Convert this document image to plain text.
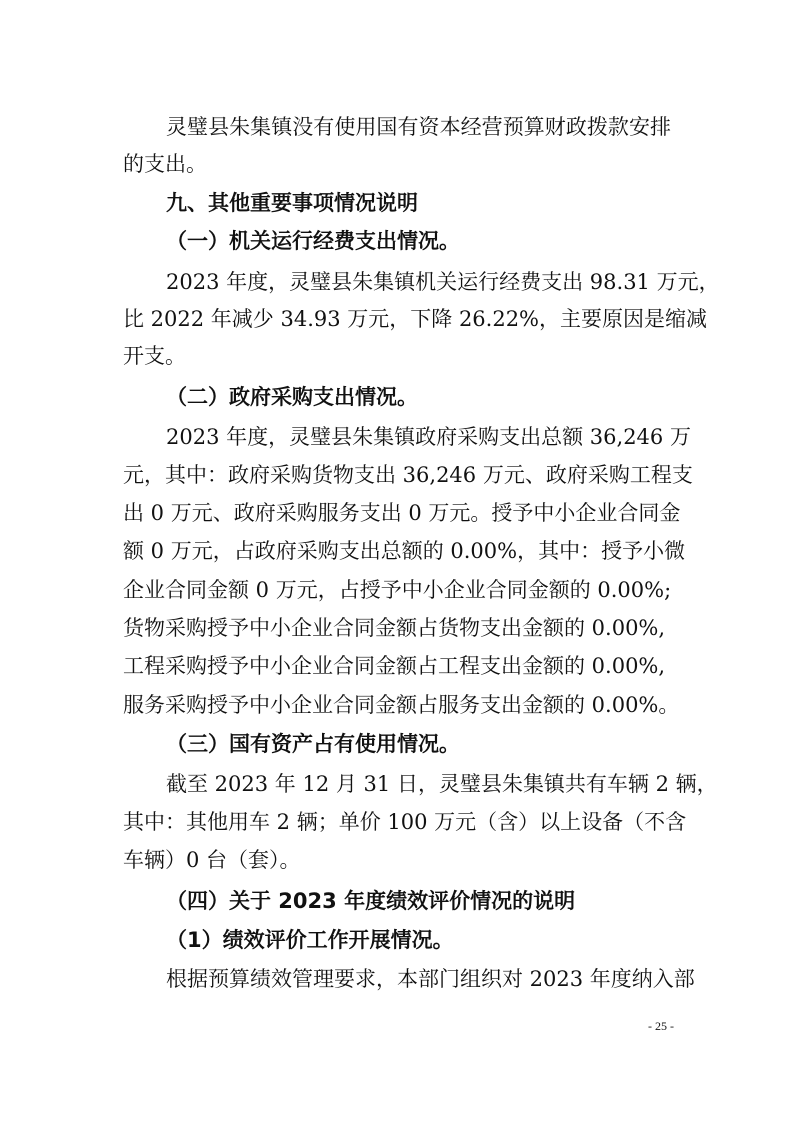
灵璧县朱集镇没有使用国有资本经营预算财政拨款安排
的支出。
九、其他重要事项情况说明
（一）机关运行经费支出情况。
2023 年度，灵璧县朱集镇机关运行经费支出 98.31 万元，
比 2022 年减少 34.93 万元，下降 26.22%，主要原因是缩减
开支。
（二）政府采购支出情况。
2023 年度，灵璧县朱集镇政府采购支出总额 36,246 万
元，其中：政府采购货物支出 36,246 万元、政府采购工程支
出 0 万元、政府采购服务支出 0 万元。授予中小企业合同金
额 0 万元，占政府采购支出总额的 0.00%，其中：授予小微
企业合同金额 0 万元，占授予中小企业合同金额的 0.00%;
货物采购授予中小企业合同金额占货物支出金额的 0.00%,
工程采购授予中小企业合同金额占工程支出金额的 0.00%,
服务采购授予中小企业合同金额占服务支出金额的 0.00%。
（三）国有资产占有使用情况。
截至 2023 年 12 月 31 日，灵璧县朱集镇共有车辆 2 辆，
其中：其他用车 2 辆；单价 100 万元（含）以上设备（不含
车辆）0 台（套）。
（四）关于 2023 年度绩效评价情况的说明
（1）绩效评价工作开展情况。
根据预算绩效管理要求，本部门组织对 2023 年度纳入部
- 25 -
